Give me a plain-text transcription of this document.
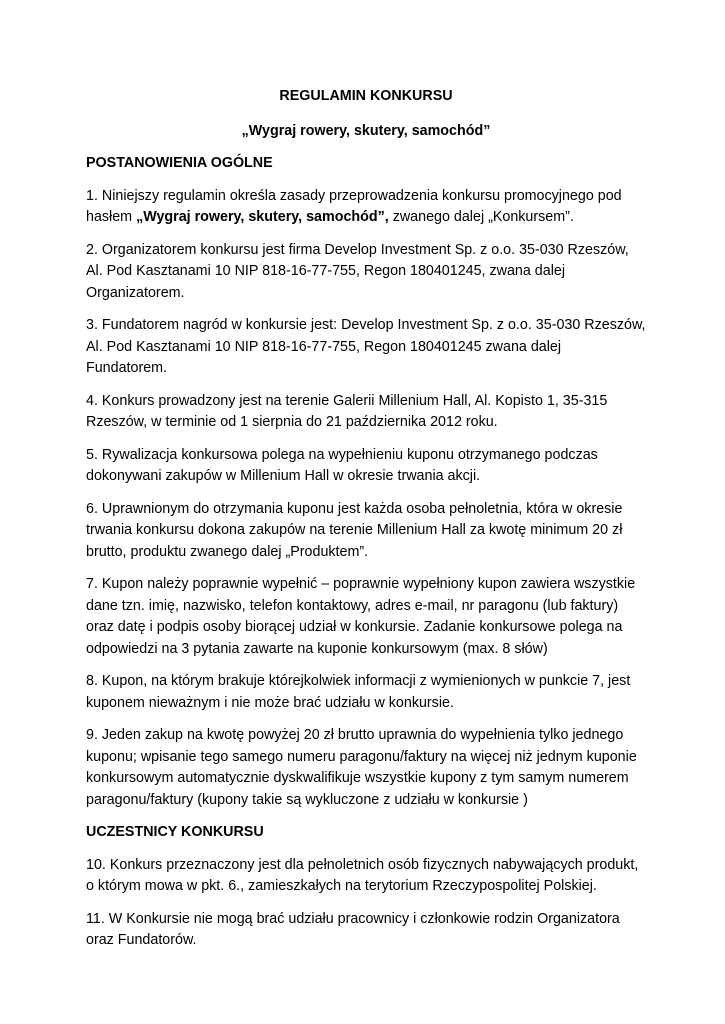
REGULAMIN KONKURSU
„Wygraj rowery, skutery, samochód”
POSTANOWIENIA OGÓLNE

1. Niniejszy regulamin określa zasady przeprowadzenia konkursu promocyjnego pod hasłem „Wygraj rowery, skutery, samochód”, zwanego dalej „Konkursem”.

2. Organizatorem konkursu jest firma Develop Investment Sp. z o.o. 35-030 Rzeszów, Al. Pod Kasztanami 10 NIP 818-16-77-755, Regon 180401245, zwana dalej Organizatorem.

3. Fundatorem nagród w konkursie jest: Develop Investment Sp. z o.o. 35-030 Rzeszów, Al. Pod Kasztanami 10 NIP 818-16-77-755, Regon 180401245 zwana dalej Fundatorem.

4. Konkurs prowadzony jest na terenie Galerii Millenium Hall, Al. Kopisto 1, 35-315 Rzeszów, w terminie od 1 sierpnia do 21 października 2012 roku.

5. Rywalizacja konkursowa polega na wypełnieniu kuponu otrzymanego podczas dokonywani zakupów w Millenium Hall w okresie trwania akcji.

6. Uprawnionym do otrzymania kuponu jest każda osoba pełnoletnia, która w okresie trwania konkursu dokona zakupów na terenie Millenium Hall za kwotę minimum 20 zł brutto, produktu zwanego dalej „Produktem”.

7. Kupon należy poprawnie wypełnić – poprawnie wypełniony kupon zawiera wszystkie dane tzn. imię, nazwisko, telefon kontaktowy, adres e-mail, nr paragonu (lub faktury) oraz datę i podpis osoby biorącej udział w konkursie. Zadanie konkursowe polega na odpowiedzi na 3 pytania zawarte na kuponie konkursowym (max. 8 słów)

8. Kupon, na którym brakuje którejkolwiek informacji z wymienionych w punkcie 7, jest kuponem nieważnym i nie może brać udziału w konkursie.

9. Jeden zakup na kwotę powyżej 20 zł brutto uprawnia do wypełnienia tylko jednego kuponu; wpisanie tego samego numeru paragonu/faktury na więcej niż jednym kuponie konkursowym automatycznie dyskwalifikuje wszystkie kupony z tym samym numerem paragonu/faktury (kupony takie są wykluczone z udziału w konkursie )

UCZESTNICY KONKURSU

10. Konkurs przeznaczony jest dla pełnoletnich osób fizycznych nabywających produkt, o którym mowa w pkt. 6., zamieszkałych na terytorium Rzeczypospolitej Polskiej.

11. W Konkursie nie mogą brać udziału pracownicy i członkowie rodzin Organizatora oraz Fundatorów.
